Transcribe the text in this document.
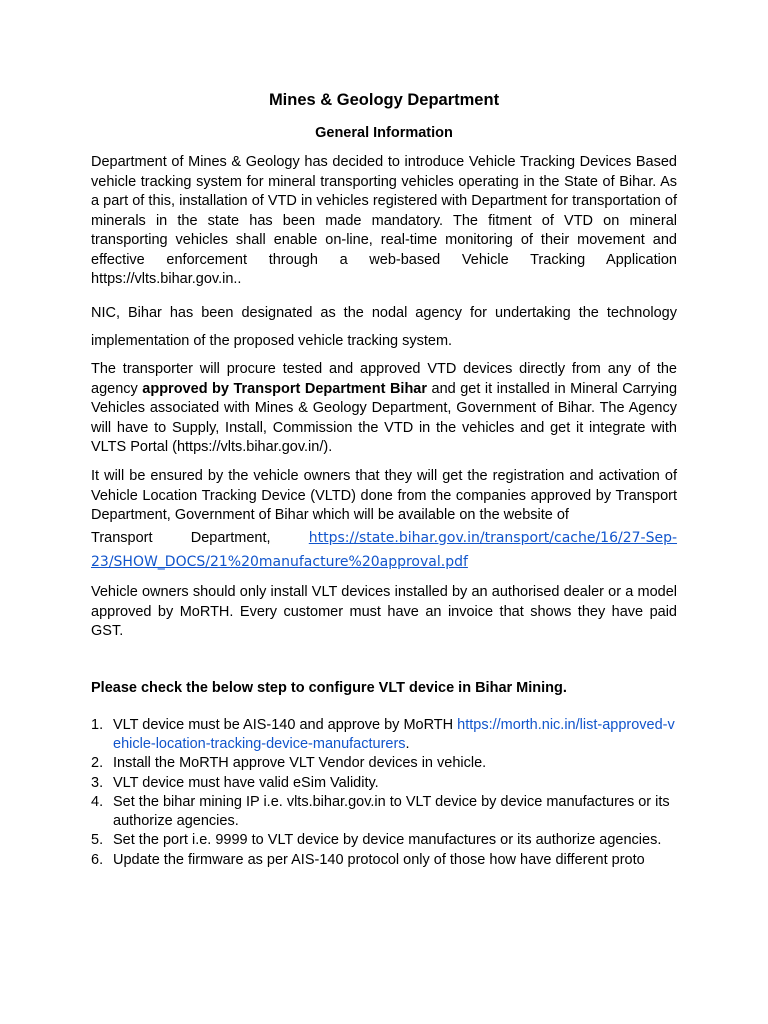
Mines & Geology Department
General Information
Department of Mines & Geology has decided to introduce Vehicle Tracking Devices Based vehicle tracking system for mineral transporting vehicles operating in the State of Bihar. As a part of this, installation of VTD in vehicles registered with Department for transportation of minerals in the state has been made mandatory. The fitment of VTD on mineral transporting vehicles shall enable on-line, real-time monitoring of their movement and effective enforcement through a web-based Vehicle Tracking Application https://vlts.bihar.gov.in..
NIC, Bihar has been designated as the nodal agency for undertaking the technology implementation of the proposed vehicle tracking system.
The transporter will procure tested and approved VTD devices directly from any of the agency approved by Transport Department Bihar and get it installed in Mineral Carrying Vehicles associated with Mines & Geology Department, Government of Bihar. The Agency will have to Supply, Install, Commission the VTD in the vehicles and get it integrate with VLTS Portal (https://vlts.bihar.gov.in/).
It will be ensured by the vehicle owners that they will get the registration and activation of Vehicle Location Tracking Device (VLTD) done from the companies approved by Transport Department, Government of Bihar which will be available on the website of
Transport Department,	https://state.bihar.gov.in/transport/cache/16/27-Sep-
23/SHOW_DOCS/21%20manufacture%20approval.pdf
Vehicle owners should only install VLT devices installed by an authorised dealer or a model approved by MoRTH. Every customer must have an invoice that shows they have paid GST.
Please check the below step to configure VLT device in Bihar Mining.
1. VLT device must be AIS-140 and approve by MoRTH https://morth.nic.in/list-approved-vehicle-location-tracking-device-manufacturers.
2. Install the MoRTH approve VLT Vendor devices in vehicle.
3. VLT device must have valid eSim Validity.
4. Set the bihar mining IP i.e. vlts.bihar.gov.in to VLT device by device manufactures or its authorize agencies.
5. Set the port i.e. 9999 to VLT device by device manufactures or its authorize agencies.
6. Update the firmware as per AIS-140 protocol only of those how have different proto
